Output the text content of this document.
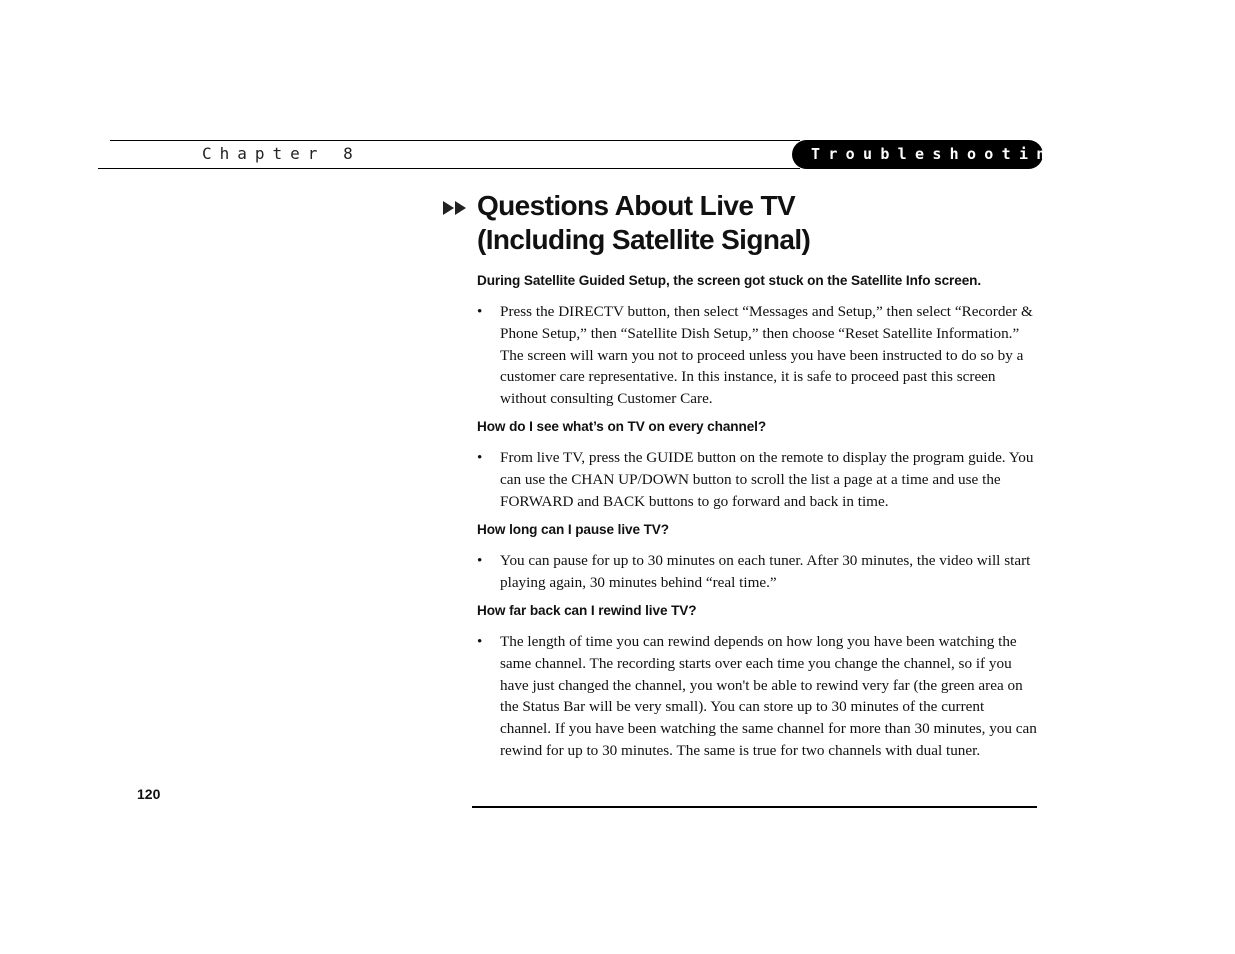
Chapter 8	Troubleshooting
Questions About Live TV
(Including Satellite Signal)

During Satellite Guided Setup, the screen got stuck on the Satellite Info screen.

•	Press the DIRECTV button, then select “Messages and Setup,” then select “Recorder & Phone Setup,” then “Satellite Dish Setup,” then choose “Reset Satellite Information.” The screen will warn you not to proceed unless you have been instructed to do so by a customer care representative. In this instance, it is safe to proceed past this screen without consulting Customer Care.

How do I see what’s on TV on every channel?

•	From live TV, press the GUIDE button on the remote to display the program guide. You can use the CHAN UP/DOWN button to scroll the list a page at a time and use the FORWARD and BACK buttons to go forward and back in time.

How long can I pause live TV?

•	You can pause for up to 30 minutes on each tuner. After 30 minutes, the video will start playing again, 30 minutes behind “real time.”

How far back can I rewind live TV?

•	The length of time you can rewind depends on how long you have been watching the same channel. The recording starts over each time you change the channel, so if you have just changed the channel, you won't be able to rewind very far (the green area on the Status Bar will be very small). You can store up to 30 minutes of the current channel. If you have been watching the same channel for more than 30 minutes, you can rewind for up to 30 minutes. The same is true for two channels with dual tuner.
120
